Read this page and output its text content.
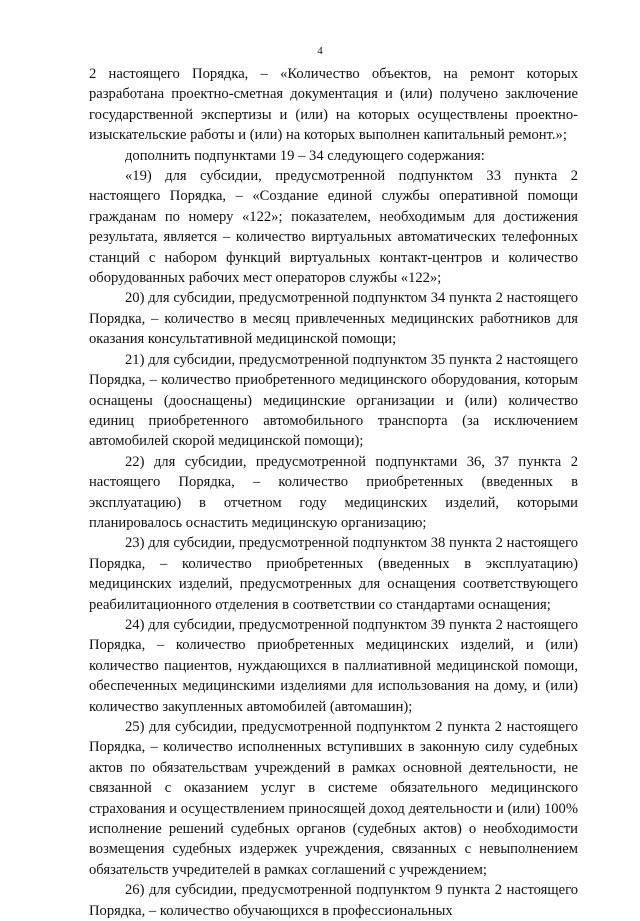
4

2 настоящего Порядка, – «Количество объектов, на ремонт которых разработана проектно-сметная документация и (или) получено заключение государственной экспертизы и (или) на которых осуществлены проектно-изыскательские работы и (или) на которых выполнен капитальный ремонт.»;

дополнить подпунктами 19 – 34 следующего содержания:

«19) для субсидии, предусмотренной подпунктом 33 пункта 2 настоящего Порядка, – «Создание единой службы оперативной помощи гражданам по номеру «122»; показателем, необходимым для достижения результата, является – количество виртуальных автоматических телефонных станций с набором функций виртуальных контакт-центров и количество оборудованных рабочих мест операторов службы «122»;

20) для субсидии, предусмотренной подпунктом 34 пункта 2 настоящего Порядка, – количество в месяц привлеченных медицинских работников для оказания консультативной медицинской помощи;

21) для субсидии, предусмотренной подпунктом 35 пункта 2 настоящего Порядка, – количество приобретенного медицинского оборудования, которым оснащены (дооснащены) медицинские организации и (или) количество единиц приобретенного автомобильного транспорта (за исключением автомобилей скорой медицинской помощи);

22) для субсидии, предусмотренной подпунктами 36, 37 пункта 2 настоящего Порядка, – количество приобретенных (введенных в эксплуатацию) в отчетном году медицинских изделий, которыми планировалось оснастить медицинскую организацию;

23) для субсидии, предусмотренной подпунктом 38 пункта 2 настоящего Порядка, – количество приобретенных (введенных в эксплуатацию) медицинских изделий, предусмотренных для оснащения соответствующего реабилитационного отделения в соответствии со стандартами оснащения;

24) для субсидии, предусмотренной подпунктом 39 пункта 2 настоящего Порядка, – количество приобретенных медицинских изделий, и (или) количество пациентов, нуждающихся в паллиативной медицинской помощи, обеспеченных медицинскими изделиями для использования на дому, и (или) количество закупленных автомобилей (автомашин);

25) для субсидии, предусмотренной подпунктом 2 пункта 2 настоящего Порядка, – количество исполненных вступивших в законную силу судебных актов по обязательствам учреждений в рамках основной деятельности, не связанной с оказанием услуг в системе обязательного медицинского страхования и осуществлением приносящей доход деятельности и (или) 100% исполнение решений судебных органов (судебных актов) о необходимости возмещения судебных издержек учреждения, связанных с невыполнением обязательств учредителей в рамках соглашений с учреждением;

26) для субсидии, предусмотренной подпунктом 9 пункта 2 настоящего Порядка, – количество обучающихся в профессиональных
